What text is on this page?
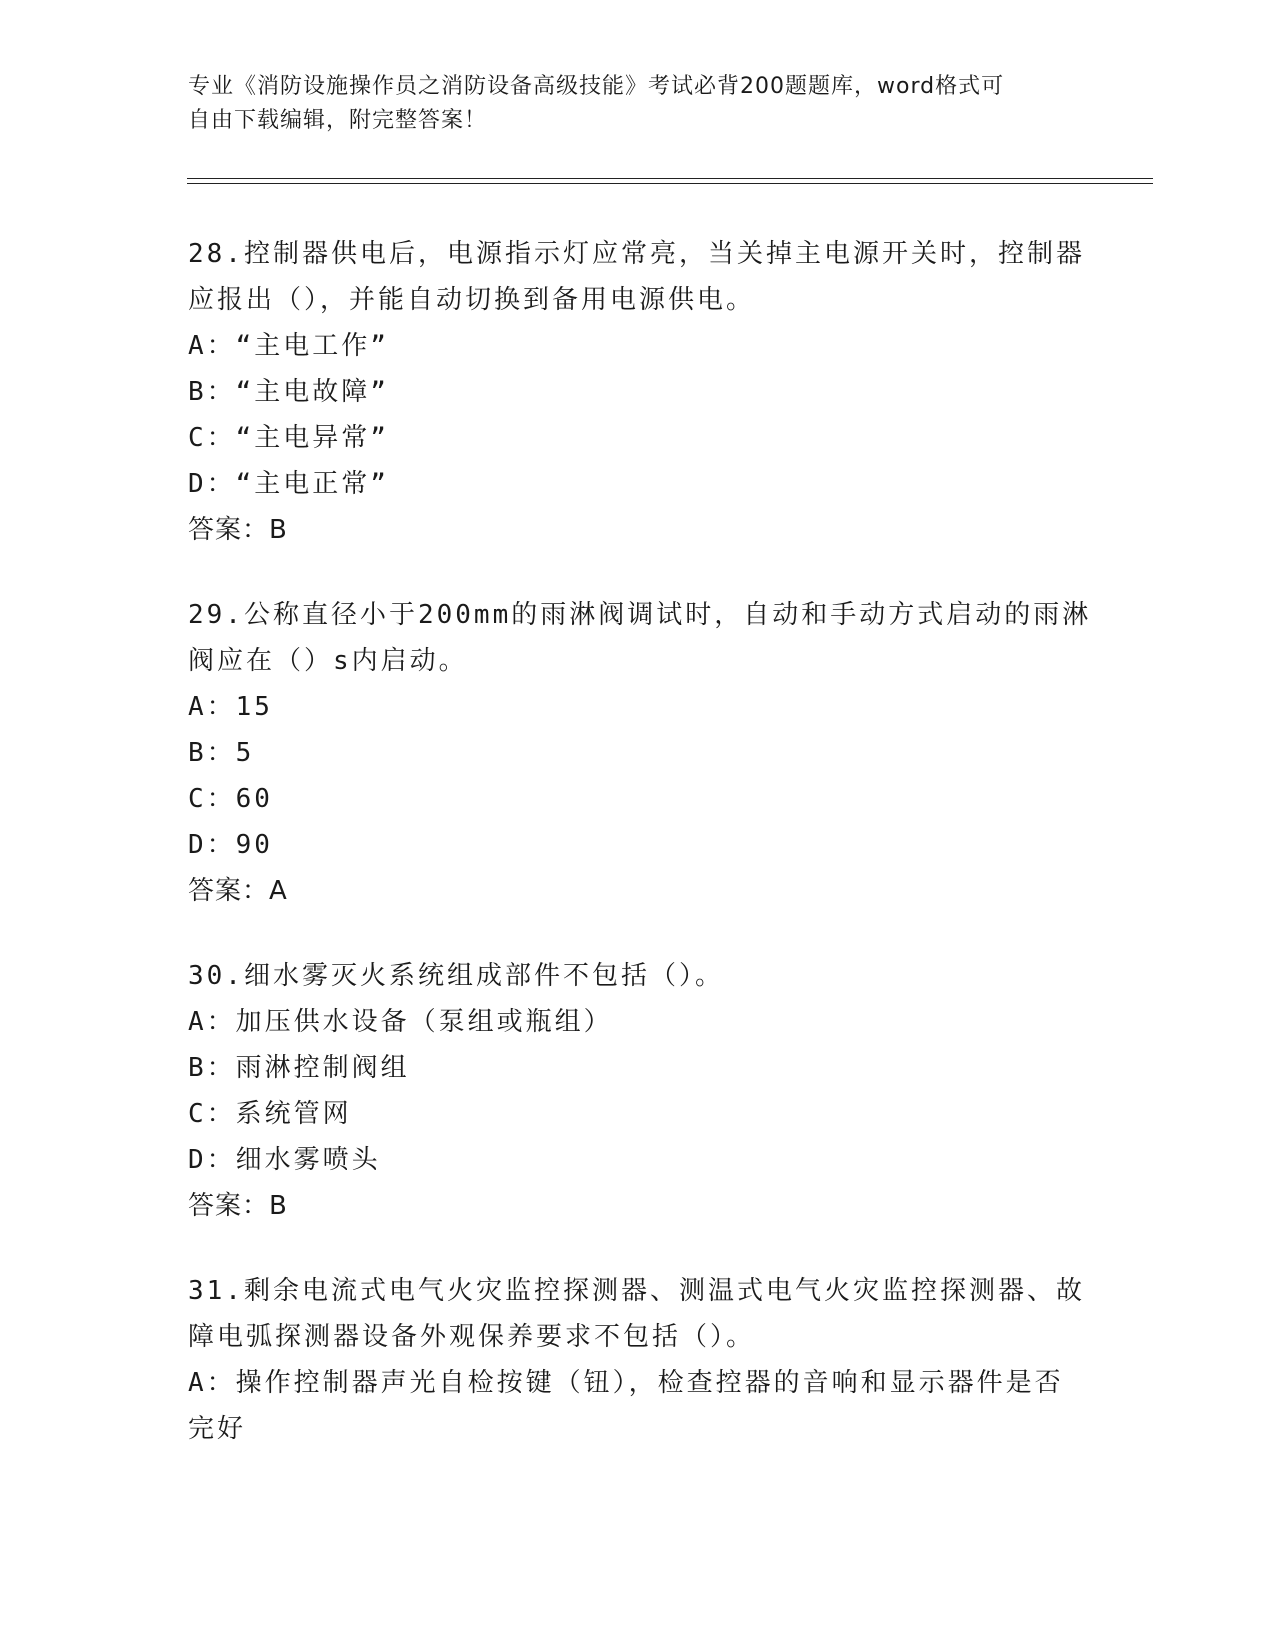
专业《消防设施操作员之消防设备高级技能》考试必背200题题库，word格式可
自由下载编辑，附完整答案！
28.控制器供电后，电源指示灯应常亮，当关掉主电源开关时，控制器
应报出（），并能自动切换到备用电源供电。
A：“主电工作”
B：“主电故障”
C：“主电异常”
D：“主电正常”
答案：B
29.公称直径小于200mm的雨淋阀调试时，自动和手动方式启动的雨淋
阀应在（）s内启动。
A：15
B：5
C：60
D：90
答案：A
30.细水雾灭火系统组成部件不包括（）。
A：加压供水设备（泵组或瓶组）
B：雨淋控制阀组
C：系统管网
D：细水雾喷头
答案：B
31.剩余电流式电气火灾监控探测器、测温式电气火灾监控探测器、故
障电弧探测器设备外观保养要求不包括（）。
A：操作控制器声光自检按键（钮），检查控器的音响和显示器件是否
完好
